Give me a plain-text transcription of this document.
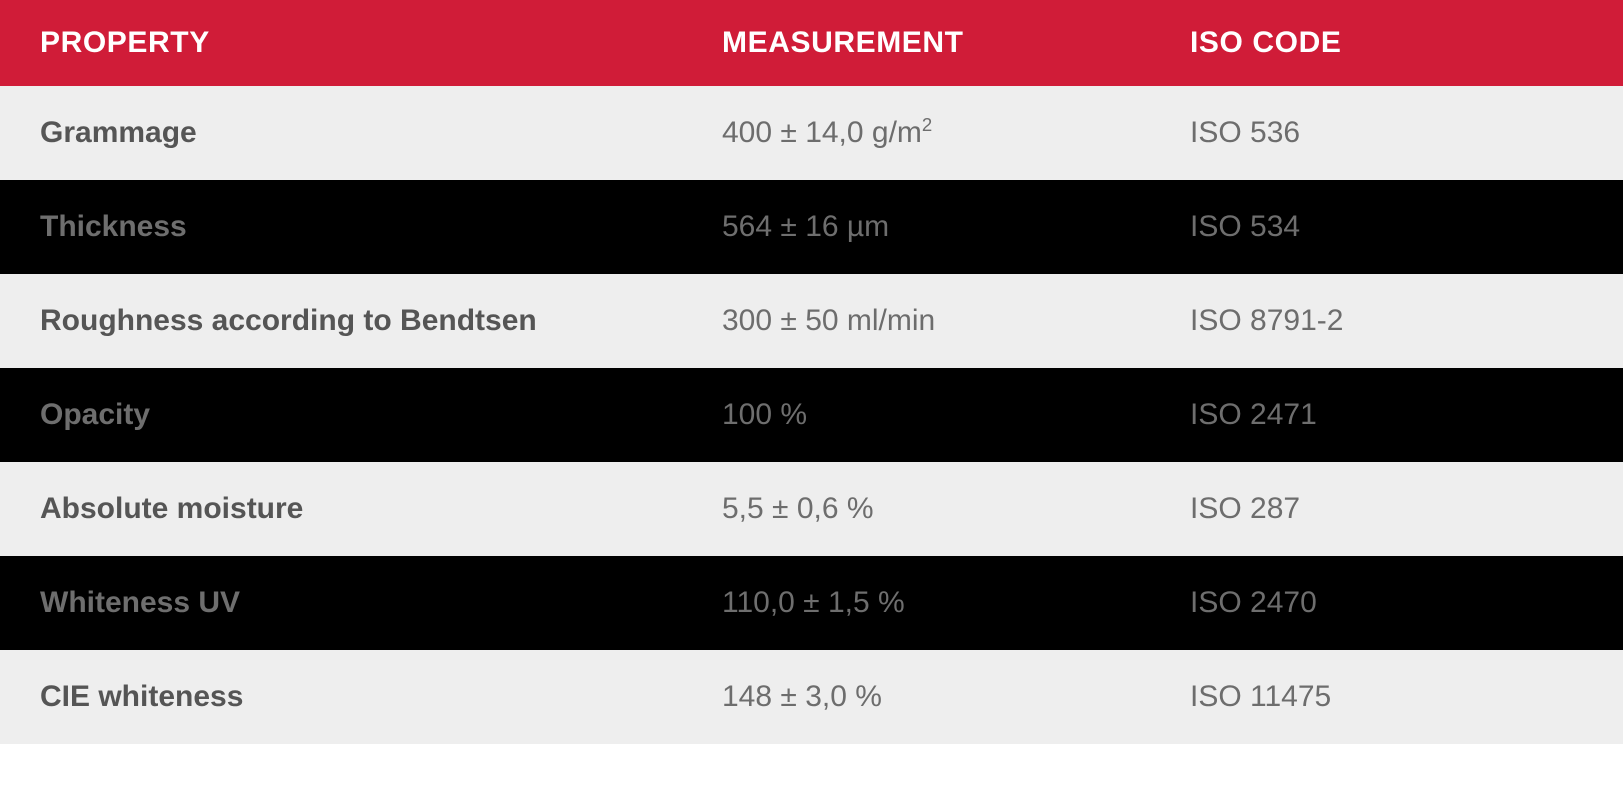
PROPERTY	MEASUREMENT	ISO CODE
Grammage	400 ± 14,0 $g/m^2$	ISO 536
Thickness	564 ± 16 µm	ISO 534
Roughness according to Bendtsen	300 ± 50 ml/min	ISO 8791-2
Opacity	100 %	ISO 2471
Absolute moisture	5,5 ± 0,6 %	ISO 287
Whiteness UV	110,0 ± 1,5 %	ISO 2470
CIE whiteness	148 ± 3,0 %	ISO 11475
